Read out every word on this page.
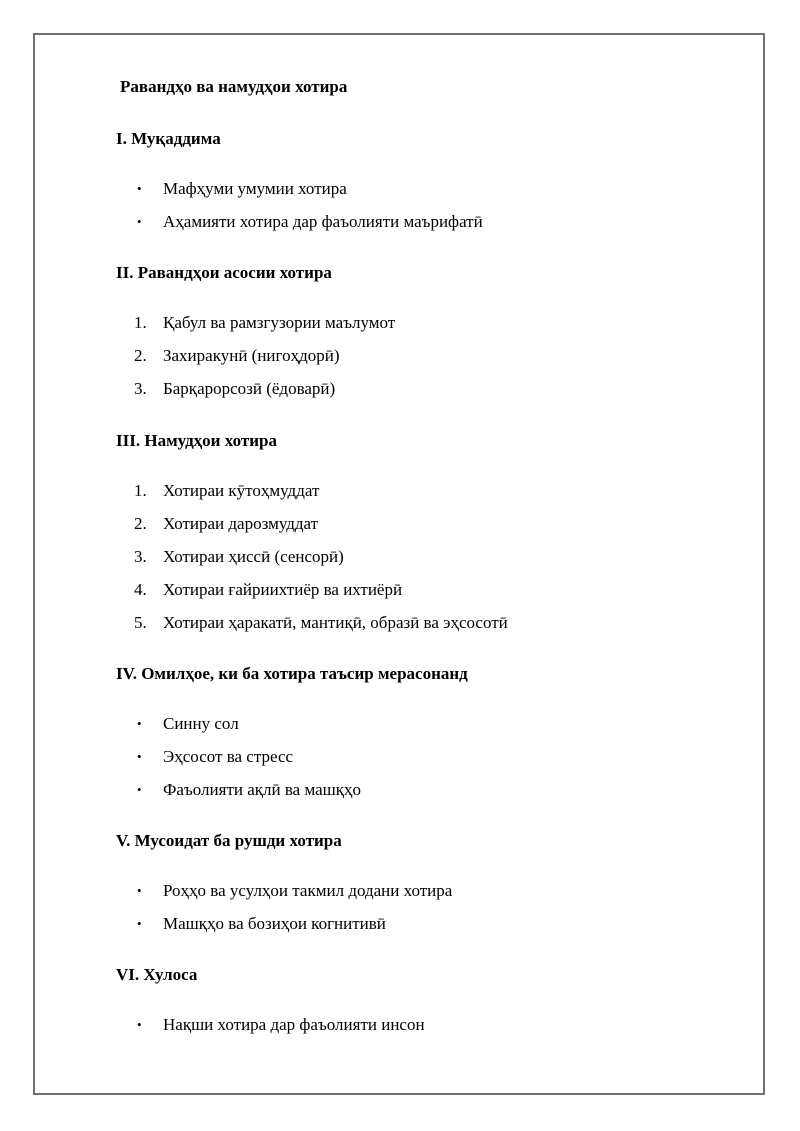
Равандҳо ва намудҳои хотира
I. Муқаддима
•	Мафҳуми умумии хотира
•	Аҳамияти хотира дар фаъолияти маърифатӣ
II. Равандҳои асосии хотира
1. Қабул ва рамзгузории маълумот
2. Захиракунӣ (нигоҳдорӣ)
3. Барқарорсозӣ (ёдоварӣ)
III. Намудҳои хотира
1. Хотираи кӯтоҳмуддат
2. Хотираи дарозмуддат
3. Хотираи ҳиссӣ (сенсорӣ)
4. Хотираи ғайриихтиёр ва ихтиёрӣ
5. Хотираи ҳаракатӣ, мантиқӣ, образӣ ва эҳсосотӣ
IV. Омилҳое, ки ба хотира таъсир мерасонанд
•	Синну сол
•	Эҳсосот ва стресс
•	Фаъолияти ақлӣ ва машқҳо
V. Мусоидат ба рушди хотира
•	Роҳҳо ва усулҳои такмил додани хотира
•	Машқҳо ва бозиҳои когнитивӣ
VI. Хулоса
•	Нақши хотира дар фаъолияти инсон
